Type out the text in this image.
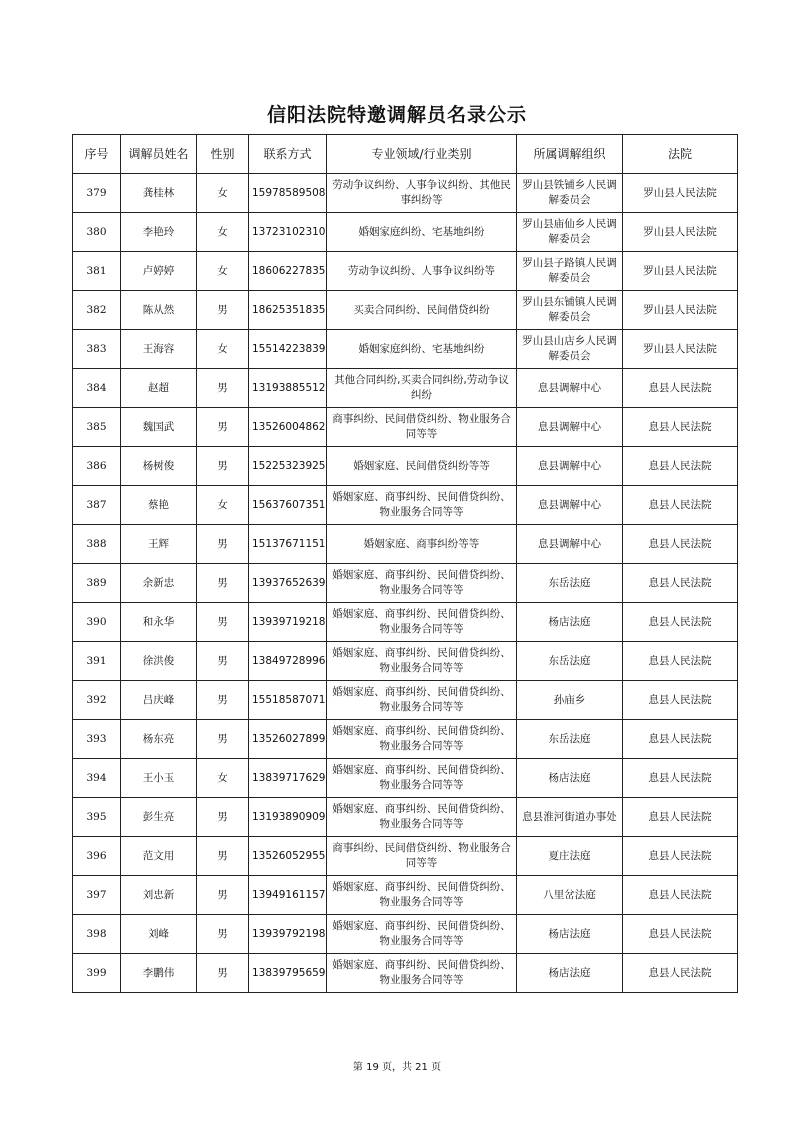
信阳法院特邀调解员名录公示
序号	调解员姓名	性别	联系方式	专业领域/行业类别	所属调解组织	法院
379	龚桂林	女	15978589508	劳动争议纠纷、人事争议纠纷、其他民事纠纷等	罗山县铁铺乡人民调解委员会	罗山县人民法院
380	李艳玲	女	13723102310	婚姻家庭纠纷、宅基地纠纷	罗山县庙仙乡人民调解委员会	罗山县人民法院
381	卢婷婷	女	18606227835	劳动争议纠纷、人事争议纠纷等	罗山县子路镇人民调解委员会	罗山县人民法院
382	陈从然	男	18625351835	买卖合同纠纷、民间借贷纠纷	罗山县东铺镇人民调解委员会	罗山县人民法院
383	王海容	女	15514223839	婚姻家庭纠纷、宅基地纠纷	罗山县山店乡人民调解委员会	罗山县人民法院
384	赵超	男	13193885512	其他合同纠纷,买卖合同纠纷,劳动争议纠纷	息县调解中心	息县人民法院
385	魏国武	男	13526004862	商事纠纷、民间借贷纠纷、物业服务合同等等	息县调解中心	息县人民法院
386	杨树俊	男	15225323925	婚姻家庭、民间借贷纠纷等等	息县调解中心	息县人民法院
387	蔡艳	女	15637607351	婚姻家庭、商事纠纷、民间借贷纠纷、物业服务合同等等	息县调解中心	息县人民法院
388	王辉	男	15137671151	婚姻家庭、商事纠纷等等	息县调解中心	息县人民法院
389	余新忠	男	13937652639	婚姻家庭、商事纠纷、民间借贷纠纷、物业服务合同等等	东岳法庭	息县人民法院
390	和永华	男	13939719218	婚姻家庭、商事纠纷、民间借贷纠纷、物业服务合同等等	杨店法庭	息县人民法院
391	徐洪俊	男	13849728996	婚姻家庭、商事纠纷、民间借贷纠纷、物业服务合同等等	东岳法庭	息县人民法院
392	吕庆峰	男	15518587071	婚姻家庭、商事纠纷、民间借贷纠纷、物业服务合同等等	孙庙乡	息县人民法院
393	杨东亮	男	13526027899	婚姻家庭、商事纠纷、民间借贷纠纷、物业服务合同等等	东岳法庭	息县人民法院
394	王小玉	女	13839717629	婚姻家庭、商事纠纷、民间借贷纠纷、物业服务合同等等	杨店法庭	息县人民法院
395	彭生亮	男	13193890909	婚姻家庭、商事纠纷、民间借贷纠纷、物业服务合同等等	息县淮河街道办事处	息县人民法院
396	范文用	男	13526052955	商事纠纷、民间借贷纠纷、物业服务合同等等	夏庄法庭	息县人民法院
397	刘忠新	男	13949161157	婚姻家庭、商事纠纷、民间借贷纠纷、物业服务合同等等	八里岔法庭	息县人民法院
398	刘峰	男	13939792198	婚姻家庭、商事纠纷、民间借贷纠纷、物业服务合同等等	杨店法庭	息县人民法院
399	李鹏伟	男	13839795659	婚姻家庭、商事纠纷、民间借贷纠纷、物业服务合同等等	杨店法庭	息县人民法院
第 19 页，共 21 页
